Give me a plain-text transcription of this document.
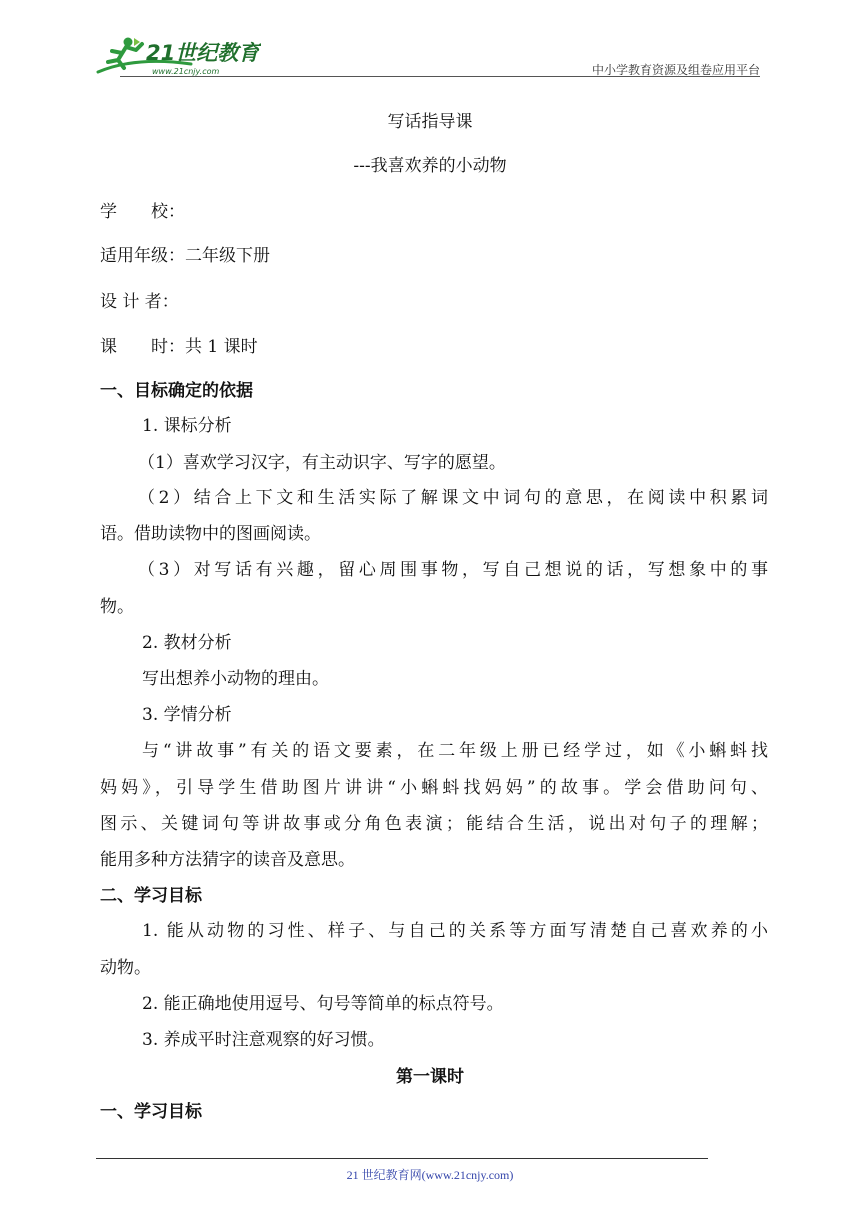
21世纪教育
www.21cnjy.com	中小学教育资源及组卷应用平台
写话指导课
---我喜欢养的小动物
学　　校：
适用年级：二年级下册
设 计 者：
课　　时：共 1 课时
一、目标确定的依据
1. 课标分析
（1）喜欢学习汉字，有主动识字、写字的愿望。
（2）结合上下文和生活实际了解课文中词句的意思，在阅读中积累词
语。借助读物中的图画阅读。
（3）对写话有兴趣，留心周围事物，写自己想说的话，写想象中的事
物。
2. 教材分析
写出想养小动物的理由。
3. 学情分析
与“讲故事”有关的语文要素，在二年级上册已经学过，如《小蝌蚪找
妈妈》，引导学生借助图片讲讲“小蝌蚪找妈妈”的故事。学会借助问句、
图示、关键词句等讲故事或分角色表演；能结合生活，说出对句子的理解；
能用多种方法猜字的读音及意思。
二、学习目标
1. 能从动物的习性、样子、与自己的关系等方面写清楚自己喜欢养的小
动物。
2. 能正确地使用逗号、句号等简单的标点符号。
3. 养成平时注意观察的好习惯。
第一课时
一、学习目标
21 世纪教育网(www.21cnjy.com)
